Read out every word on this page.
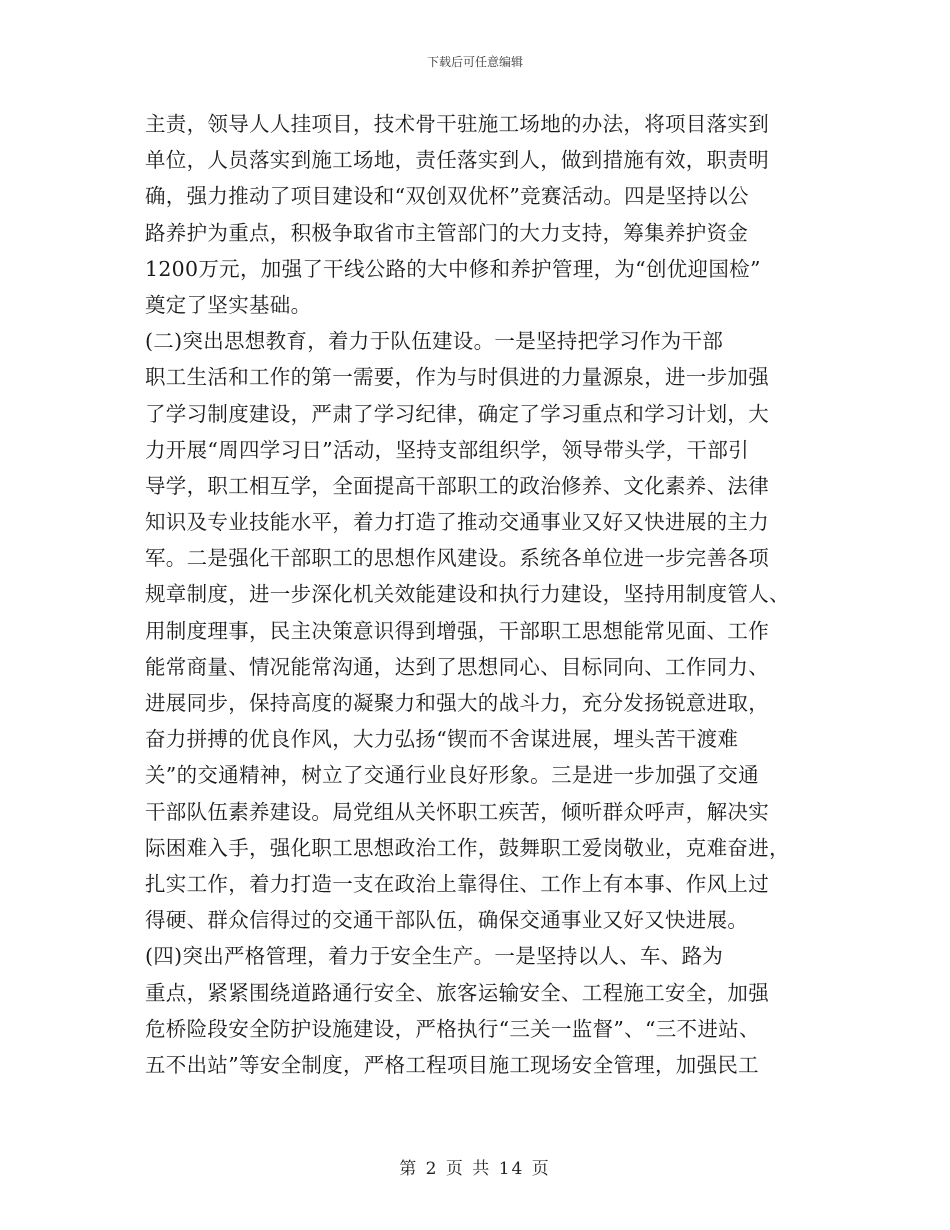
下载后可任意编辑
主责，领导人人挂项目，技术骨干驻施工场地的办法，将项目落实到
单位，人员落实到施工场地，责任落实到人，做到措施有效，职责明
确，强力推动了项目建设和“双创双优杯”竞赛活动。四是坚持以公
路养护为重点，积极争取省市主管部门的大力支持，筹集养护资金
1200万元，加强了干线公路的大中修和养护管理，为“创优迎国检”
奠定了坚实基础。
(二)突出思想教育，着力于队伍建设。一是坚持把学习作为干部
职工生活和工作的第一需要，作为与时俱进的力量源泉，进一步加强
了学习制度建设，严肃了学习纪律，确定了学习重点和学习计划，大
力开展“周四学习日”活动，坚持支部组织学，领导带头学，干部引
导学，职工相互学，全面提高干部职工的政治修养、文化素养、法律
知识及专业技能水平，着力打造了推动交通事业又好又快进展的主力
军。二是强化干部职工的思想作风建设。系统各单位进一步完善各项
规章制度，进一步深化机关效能建设和执行力建设，坚持用制度管人、
用制度理事，民主决策意识得到增强，干部职工思想能常见面、工作
能常商量、情况能常沟通，达到了思想同心、目标同向、工作同力、
进展同步，保持高度的凝聚力和强大的战斗力，充分发扬锐意进取，
奋力拼搏的优良作风，大力弘扬“锲而不舍谋进展，埋头苦干渡难
关”的交通精神，树立了交通行业良好形象。三是进一步加强了交通
干部队伍素养建设。局党组从关怀职工疾苦，倾听群众呼声，解决实
际困难入手，强化职工思想政治工作，鼓舞职工爱岗敬业，克难奋进，
扎实工作，着力打造一支在政治上靠得住、工作上有本事、作风上过
得硬、群众信得过的交通干部队伍，确保交通事业又好又快进展。
(四)突出严格管理，着力于安全生产。一是坚持以人、车、路为
重点，紧紧围绕道路通行安全、旅客运输安全、工程施工安全，加强
危桥险段安全防护设施建设，严格执行“三关一监督”、“三不进站、
五不出站”等安全制度，严格工程项目施工现场安全管理，加强民工
第 2 页 共 14 页
